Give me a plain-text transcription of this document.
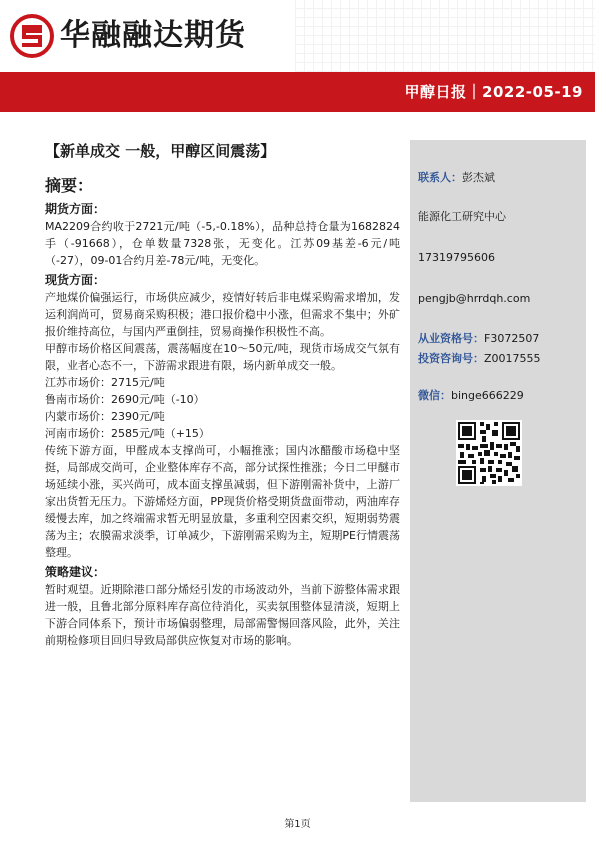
华融融达期货
甲醇日报｜2022-05-19
【新单成交 一般，甲醇区间震荡】
摘要：
期货方面：
MA2209合约收于2721元/吨（-5,-0.18%），品种总持仓量为1682824手（-91668），仓单数量7328张，无变化。江苏09基差-6元/吨（-27），09-01合约月差-78元/吨，无变化。
现货方面：
产地煤价偏强运行，市场供应减少，疫情好转后非电煤采购需求增加，发运利润尚可，贸易商采购积极；港口报价稳中小涨，但需求不集中；外矿报价维持高位，与国内严重倒挂，贸易商操作积极性不高。
甲醇市场价格区间震荡，震荡幅度在10～50元/吨，现货市场成交气氛有限，业者心态不一，下游需求跟进有限，场内新单成交一般。
江苏市场价：2715元/吨
鲁南市场价：2690元/吨（-10）
内蒙市场价：2390元/吨
河南市场价：2585元/吨（+15）
传统下游方面，甲醛成本支撑尚可，小幅推涨；国内冰醋酸市场稳中坚挺，局部成交尚可，企业整体库存不高，部分试探性推涨；今日二甲醚市场延续小涨，买兴尚可，成本面支撑虽减弱，但下游刚需补货中，上游厂家出货暂无压力。下游烯烃方面，PP现货价格受期货盘面带动，两油库存缓慢去库，加之终端需求暂无明显放量，多重利空因素交织，短期弱势震荡为主；农膜需求淡季，订单减少，下游刚需采购为主，短期PE行情震荡整理。
策略建议：
暂时观望。近期除港口部分烯烃引发的市场波动外，当前下游整体需求跟进一般，且鲁北部分原料库存高位待消化，买卖氛围整体显清淡，短期上下游合同体系下，预计市场偏弱整理，局部需警惕回落风险，此外，关注前期检修项目回归导致局部供应恢复对市场的影响。
联系人：彭杰斌
能源化工研究中心
17319795606
pengjb@hrrdqh.com
从业资格号：F3072507
投资咨询号：Z0017555
微信：binge666229
第1页
